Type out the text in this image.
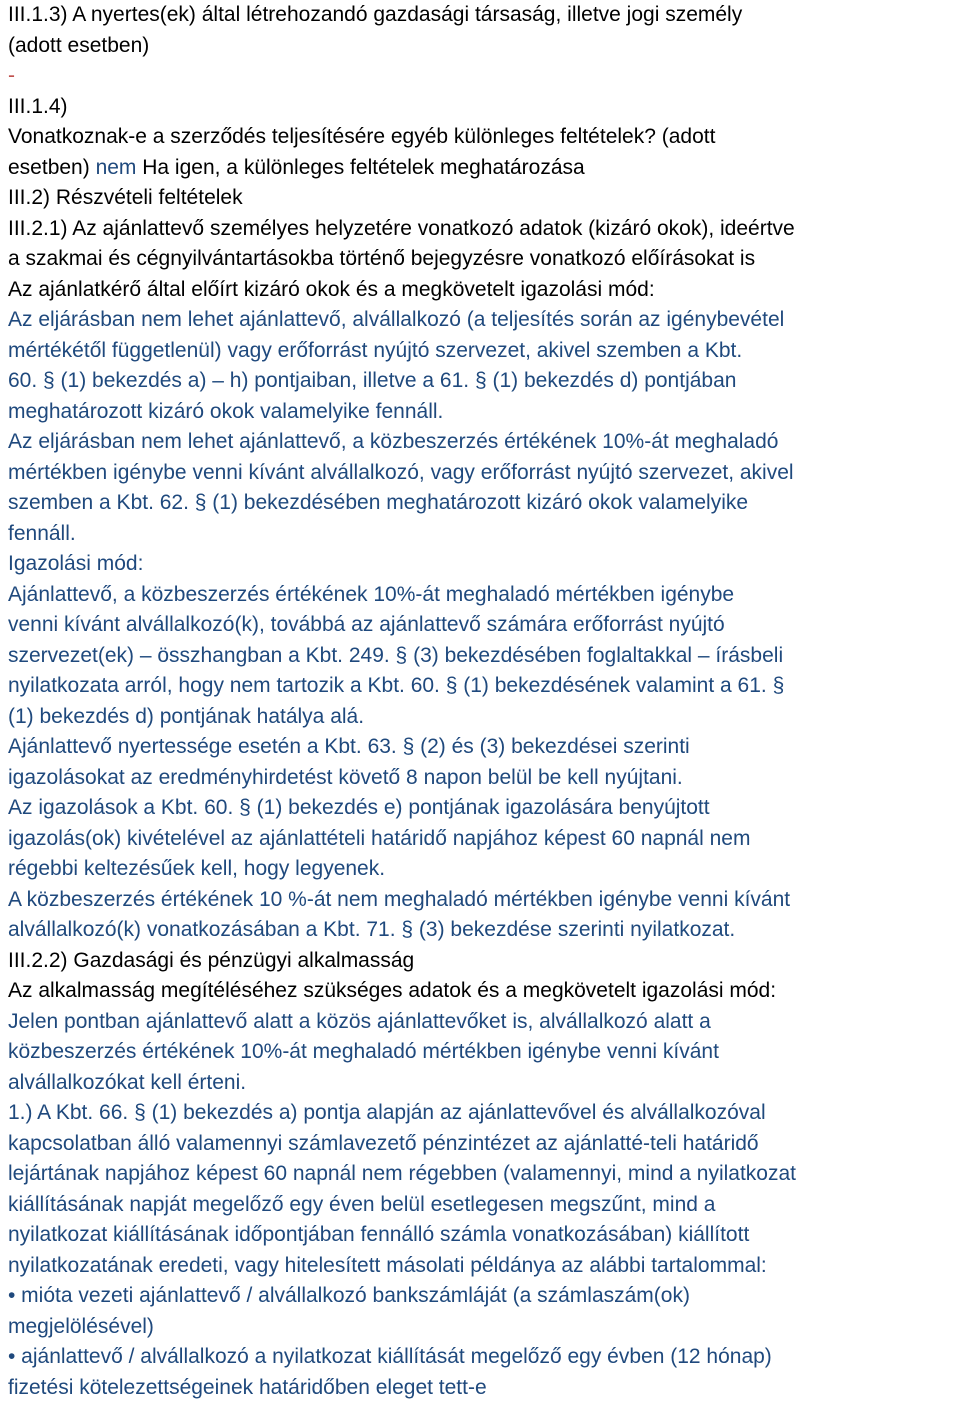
III.1.3) A nyertes(ek) által létrehozandó gazdasági társaság, illetve jogi személy

(adott esetben)

-

III.1.4)

Vonatkoznak-e a szerződés teljesítésére egyéb különleges feltételek? (adott

esetben) nem Ha igen, a különleges feltételek meghatározása

III.2) Részvételi feltételek

III.2.1) Az ajánlattevő személyes helyzetére vonatkozó adatok (kizáró okok), ideértve

a szakmai és cégnyilvántartásokba történő bejegyzésre vonatkozó előírásokat is

Az ajánlatkérő által előírt kizáró okok és a megkövetelt igazolási mód:

Az eljárásban nem lehet ajánlattevő, alvállalkozó (a teljesítés során az igénybevétel

mértékétől függetlenül) vagy erőforrást nyújtó szervezet, akivel szemben a Kbt.

60. § (1) bekezdés a) – h) pontjaiban, illetve a 61. § (1) bekezdés d) pontjában

meghatározott kizáró okok valamelyike fennáll.

Az eljárásban nem lehet ajánlattevő, a közbeszerzés értékének 10%-át meghaladó

mértékben igénybe venni kívánt alvállalkozó, vagy erőforrást nyújtó szervezet, akivel

szemben a Kbt. 62. § (1) bekezdésében meghatározott kizáró okok valamelyike

fennáll.

Igazolási mód:

Ajánlattevő, a közbeszerzés értékének 10%-át meghaladó mértékben igénybe

venni kívánt alvállalkozó(k), továbbá az ajánlattevő számára erőforrást nyújtó

szervezet(ek) – összhangban a Kbt. 249. § (3) bekezdésében foglaltakkal – írásbeli

nyilatkozata arról, hogy nem tartozik a Kbt. 60. § (1) bekezdésének valamint a 61. §

(1) bekezdés d) pontjának hatálya alá.

Ajánlattevő nyertessége esetén a Kbt. 63. § (2) és (3) bekezdései szerinti

igazolásokat az eredményhirdetést követő 8 napon belül be kell nyújtani.

Az igazolások a Kbt. 60. § (1) bekezdés e) pontjának igazolására benyújtott

igazolás(ok) kivételével az ajánlattételi határidő napjához képest 60 napnál nem

régebbi keltezésűek kell, hogy legyenek.

A közbeszerzés értékének 10 %-át nem meghaladó mértékben igénybe venni kívánt

alvállalkozó(k) vonatkozásában a Kbt. 71. § (3) bekezdése szerinti nyilatkozat.

III.2.2) Gazdasági és pénzügyi alkalmasság

Az alkalmasság megítéléséhez szükséges adatok és a megkövetelt igazolási mód:

Jelen pontban ajánlattevő alatt a közös ajánlattevőket is, alvállalkozó alatt a

közbeszerzés értékének 10%-át meghaladó mértékben igénybe venni kívánt

alvállalkozókat kell érteni.

1.) A Kbt. 66. § (1) bekezdés a) pontja alapján az ajánlattevővel és alvállalkozóval

kapcsolatban álló valamennyi számlavezető pénzintézet az ajánlatté-teli határidő

lejártának napjához képest 60 napnál nem régebben (valamennyi, mind a nyilatkozat

kiállításának napját megelőző egy éven belül esetlegesen megszűnt, mind a

nyilatkozat kiállításának időpontjában fennálló számla vonatkozásában) kiállított

nyilatkozatának eredeti, vagy hitelesített másolati példánya az alábbi tartalommal:

• mióta vezeti ajánlattevő / alvállalkozó bankszámláját (a számlaszám(ok)

megjelölésével)

• ajánlattevő / alvállalkozó a nyilatkozat kiállítását megelőző egy évben (12 hónap)

fizetési kötelezettségeinek határidőben eleget tett-e
